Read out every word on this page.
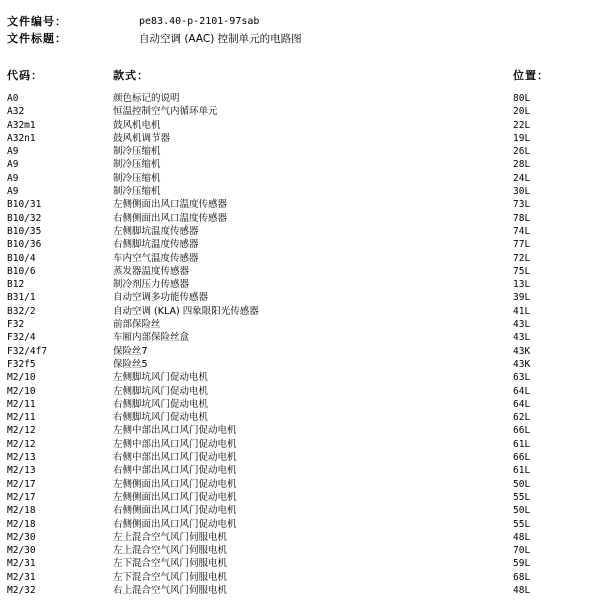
文件编号：	pe83.40-p-2101-97sab
文件标题：	自动空调 (AAC) 控制单元的电路图
代码：	款式：	位置：
A0	颜色标记的说明	80L
A32	恒温控制空气内循环单元	20L
A32m1	鼓风机电机	22L
A32n1	鼓风机调节器	19L
A9	制冷压缩机	26L
A9	制冷压缩机	28L
A9	制冷压缩机	24L
A9	制冷压缩机	30L
B10/31	左侧侧面出风口温度传感器	73L
B10/32	右侧侧面出风口温度传感器	78L
B10/35	左侧脚坑温度传感器	74L
B10/36	右侧脚坑温度传感器	77L
B10/4	车内空气温度传感器	72L
B10/6	蒸发器温度传感器	75L
B12	制冷剂压力传感器	13L
B31/1	自动空调多功能传感器	39L
B32/2	自动空调 (KLA) 四象限阳光传感器	41L
F32	前部保险丝	43L
F32/4	车厢内部保险丝盒	43L
F32/4f7	保险丝7	43K
F32f5	保险丝5	43K
M2/10	左侧脚坑风门促动电机	63L
M2/10	左侧脚坑风门促动电机	64L
M2/11	右侧脚坑风门促动电机	64L
M2/11	右侧脚坑风门促动电机	62L
M2/12	左侧中部出风口风门促动电机	66L
M2/12	左侧中部出风口风门促动电机	61L
M2/13	右侧中部出风口风门促动电机	66L
M2/13	右侧中部出风口风门促动电机	61L
M2/17	左侧侧面出风口风门促动电机	50L
M2/17	左侧侧面出风口风门促动电机	55L
M2/18	右侧侧面出风口风门促动电机	50L
M2/18	右侧侧面出风口风门促动电机	55L
M2/30	左上混合空气风门伺服电机	48L
M2/30	左上混合空气风门伺服电机	70L
M2/31	左下混合空气风门伺服电机	59L
M2/31	左下混合空气风门伺服电机	68L
M2/32	右上混合空气风门伺服电机	48L
